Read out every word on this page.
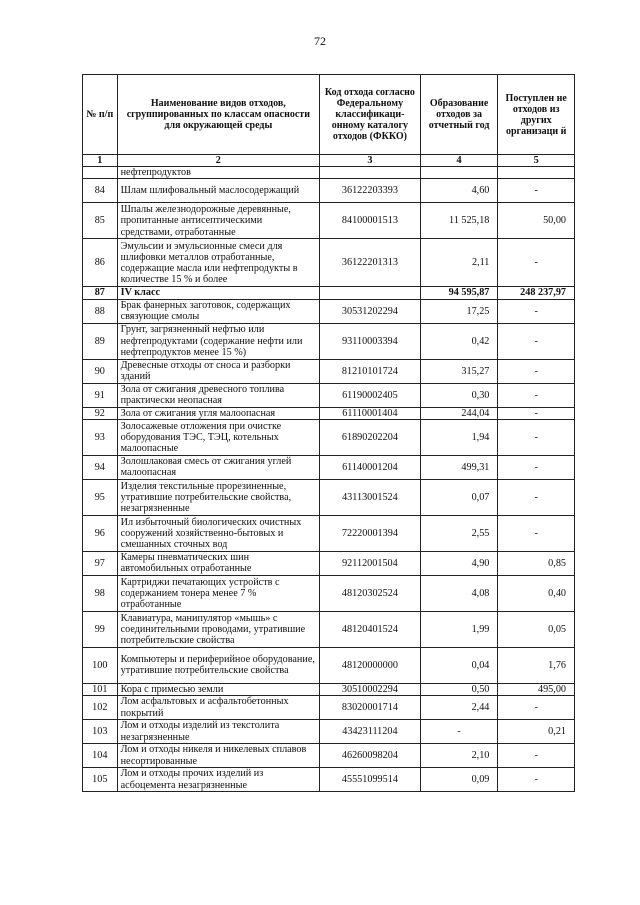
72
№ п/п	Наименование видов отходов, сгруппированных по классам опасности для окружающей среды	Код отхода согласно Федеральному классификаци-онному каталогу отходов (ФККО)	Образование отходов за отчетный год	Поступлен не отходов из других организаци й
1	2	3	4	5
	нефтепродуктов			
84	Шлам шлифовальный маслосодержащий	36122203393	4,60	-
85	Шпалы железнодорожные деревянные, пропитанные антисептическими средствами, отработанные	84100001513	11 525,18	50,00
86	Эмульсии и эмульсионные смеси для шлифовки металлов отработанные, содержащие масла или нефтепродукты в количестве 15 % и более	36122201313	2,11	-
87	IV класс		94 595,87	248 237,97
88	Брак фанерных заготовок, содержащих связующие смолы	30531202294	17,25	-
89	Грунт, загрязненный нефтью или нефтепродуктами (содержание нефти или нефтепродуктов менее 15 %)	93110003394	0,42	-
90	Древесные отходы от сноса и разборки зданий	81210101724	315,27	-
91	Зола от сжигания древесного топлива практически неопасная	61190002405	0,30	-
92	Зола от сжигания угля малоопасная	61110001404	244,04	-
93	Золосажевые отложения при очистке оборудования ТЭС, ТЭЦ, котельных малоопасные	61890202204	1,94	-
94	Золошлаковая смесь от сжигания углей малоопасная	61140001204	499,31	-
95	Изделия текстильные прорезиненные, утратившие потребительские свойства, незагрязненные	43113001524	0,07	-
96	Ил избыточный биологических очистных сооружений хозяйственно-бытовых и смешанных сточных вод	72220001394	2,55	-
97	Камеры пневматических шин автомобильных отработанные	92112001504	4,90	0,85
98	Картриджи печатающих устройств с содержанием тонера менее 7 % отработанные	48120302524	4,08	0,40
99	Клавиатура, манипулятор «мышь» с соединительными проводами, утратившие потребительские свойства	48120401524	1,99	0,05
100	Компьютеры и периферийное оборудование, утратившие потребительские свойства	48120000000	0,04	1,76
101	Кора с примесью земли	30510002294	0,50	495,00
102	Лом асфальтовых и асфальтобетонных покрытий	83020001714	2,44	-
103	Лом и отходы изделий из текстолита незагрязненные	43423111204	-	0,21
104	Лом и отходы никеля и никелевых сплавов несортированные	46260098204	2,10	-
105	Лом и отходы прочих изделий из асбоцемента незагрязненные	45551099514	0,09	-
